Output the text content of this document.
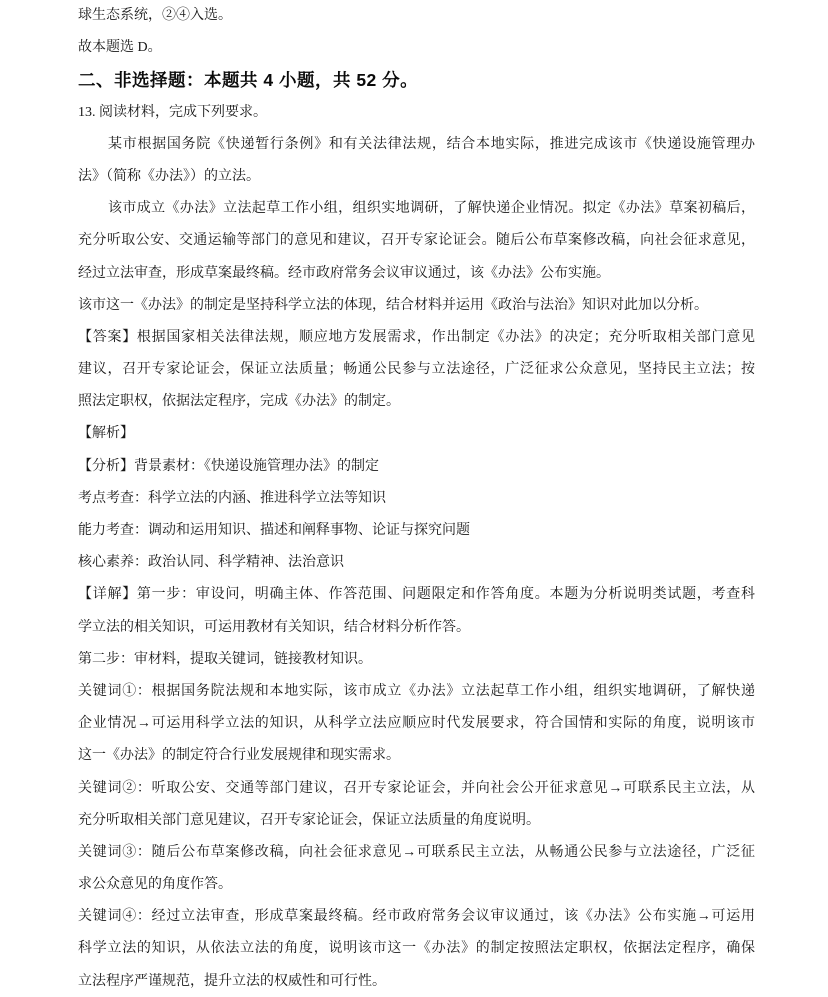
球生态系统，②④入选。
故本题选 D。
二、非选择题：本题共 4 小题，共 52 分。
13. 阅读材料，完成下列要求。
某市根据国务院《快递暂行条例》和有关法律法规，结合本地实际，推进完成该市《快递设施管理办
法》（简称《办法》）的立法。
该市成立《办法》立法起草工作小组，组织实地调研，了解快递企业情况。拟定《办法》草案初稿后，
充分听取公安、交通运输等部门的意见和建议，召开专家论证会。随后公布草案修改稿，向社会征求意见，
经过立法审查，形成草案最终稿。经市政府常务会议审议通过，该《办法》公布实施。
该市这一《办法》的制定是坚持科学立法的体现，结合材料并运用《政治与法治》知识对此加以分析。
【答案】根据国家相关法律法规，顺应地方发展需求，作出制定《办法》的决定；充分听取相关部门意见
建议，召开专家论证会，保证立法质量；畅通公民参与立法途径，广泛征求公众意见，坚持民主立法；按
照法定职权，依据法定程序，完成《办法》的制定。
【解析】
【分析】背景素材：《快递设施管理办法》的制定
考点考查：科学立法的内涵、推进科学立法等知识
能力考查：调动和运用知识、描述和阐释事物、论证与探究问题
核心素养：政治认同、科学精神、法治意识
【详解】第一步：审设问，明确主体、作答范围、问题限定和作答角度。本题为分析说明类试题，考查科
学立法的相关知识，可运用教材有关知识，结合材料分析作答。
第二步：审材料，提取关键词，链接教材知识。
关键词①：根据国务院法规和本地实际，该市成立《办法》立法起草工作小组，组织实地调研，了解快递
企业情况→可运用科学立法的知识，从科学立法应顺应时代发展要求，符合国情和实际的角度，说明该市
这一《办法》的制定符合行业发展规律和现实需求。
关键词②：听取公安、交通等部门建议，召开专家论证会，并向社会公开征求意见→可联系民主立法，从
充分听取相关部门意见建议，召开专家论证会，保证立法质量的角度说明。
关键词③：随后公布草案修改稿，向社会征求意见→可联系民主立法，从畅通公民参与立法途径，广泛征
求公众意见的角度作答。
关键词④：经过立法审查，形成草案最终稿。经市政府常务会议审议通过，该《办法》公布实施→可运用
科学立法的知识，从依法立法的角度，说明该市这一《办法》的制定按照法定职权，依据法定程序，确保
立法程序严谨规范，提升立法的权威性和可行性。
